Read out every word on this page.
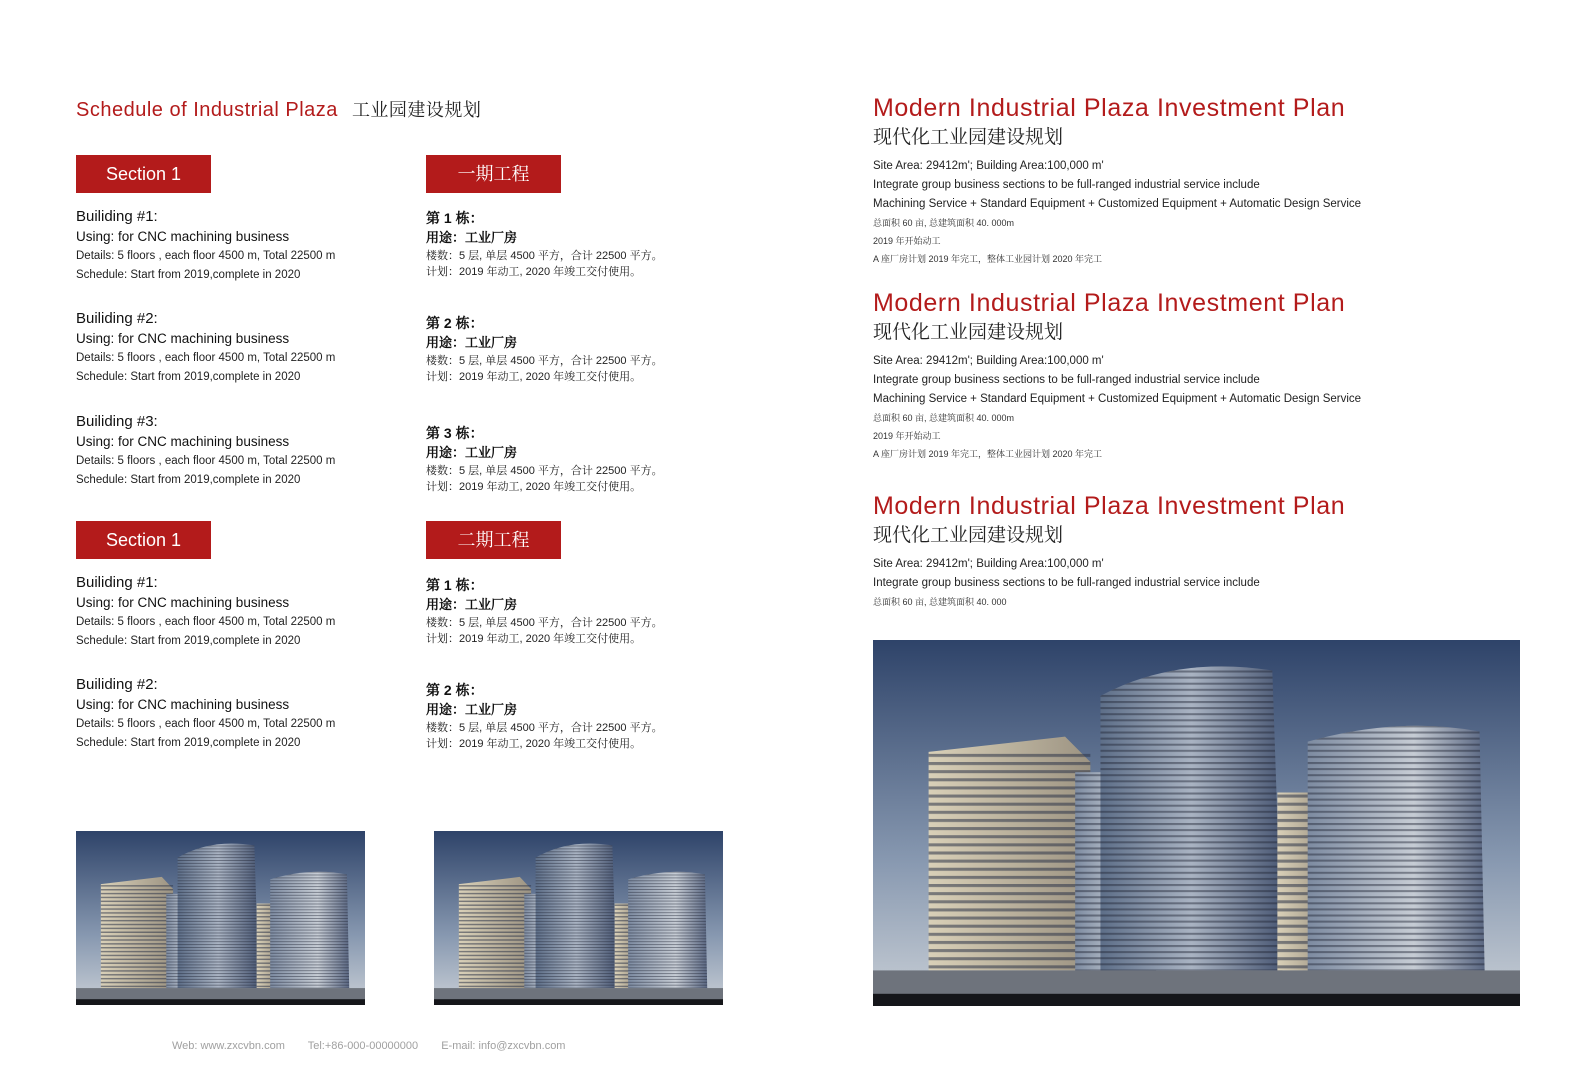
Schedule of Industrial Plaza 工业园建设规划
Section 1	一期工程
Builiding #1:
Using: for CNC machining business
Details: 5 floors , each floor 4500 m, Total 22500 m
Schedule: Start from 2019,complete in 2020
Builiding #2:
Using: for CNC machining business
Details: 5 floors , each floor 4500 m, Total 22500 m
Schedule: Start from 2019,complete in 2020
Builiding #3:
Using: for CNC machining business
Details: 5 floors , each floor 4500 m, Total 22500 m
Schedule: Start from 2019,complete in 2020
第 1 栋：
用途：工业厂房
楼数：5 层, 单层 4500 平方，合计 22500 平方。
计划：2019 年动工, 2020 年竣工交付使用。
第 2 栋：
用途：工业厂房
楼数：5 层, 单层 4500 平方，合计 22500 平方。
计划：2019 年动工, 2020 年竣工交付使用。
第 3 栋：
用途：工业厂房
楼数：5 层, 单层 4500 平方，合计 22500 平方。
计划：2019 年动工, 2020 年竣工交付使用。
Section 1	二期工程
Builiding #1:
Using: for CNC machining business
Details: 5 floors , each floor 4500 m, Total 22500 m
Schedule: Start from 2019,complete in 2020
Builiding #2:
Using: for CNC machining business
Details: 5 floors , each floor 4500 m, Total 22500 m
Schedule: Start from 2019,complete in 2020
第 1 栋：
用途：工业厂房
楼数：5 层, 单层 4500 平方，合计 22500 平方。
计划：2019 年动工, 2020 年竣工交付使用。
第 2 栋：
用途：工业厂房
楼数：5 层, 单层 4500 平方，合计 22500 平方。
计划：2019 年动工, 2020 年竣工交付使用。
Web: www.zxcvbn.com Tel:+86-000-00000000 E-mail: info@zxcvbn.com
Modern Industrial Plaza Investment Plan
现代化工业园建设规划
Site Area: 29412m'; Building Area:100,000 m'
Integrate group business sections to be full-ranged industrial service include
Machining Service + Standard Equipment + Customized Equipment + Automatic Design Service
总面积 60 亩, 总建筑面积 40. 000m
2019 年开始动工
A 座厂房计划 2019 年完工，整体工业园计划 2020 年完工
Modern Industrial Plaza Investment Plan
现代化工业园建设规划
Site Area: 29412m'; Building Area:100,000 m'
Integrate group business sections to be full-ranged industrial service include
Machining Service + Standard Equipment + Customized Equipment + Automatic Design Service
总面积 60 亩, 总建筑面积 40. 000m
2019 年开始动工
A 座厂房计划 2019 年完工，整体工业园计划 2020 年完工
Modern Industrial Plaza Investment Plan
现代化工业园建设规划
Site Area: 29412m'; Building Area:100,000 m'
Integrate group business sections to be full-ranged industrial service include
总面积 60 亩, 总建筑面积 40. 000
